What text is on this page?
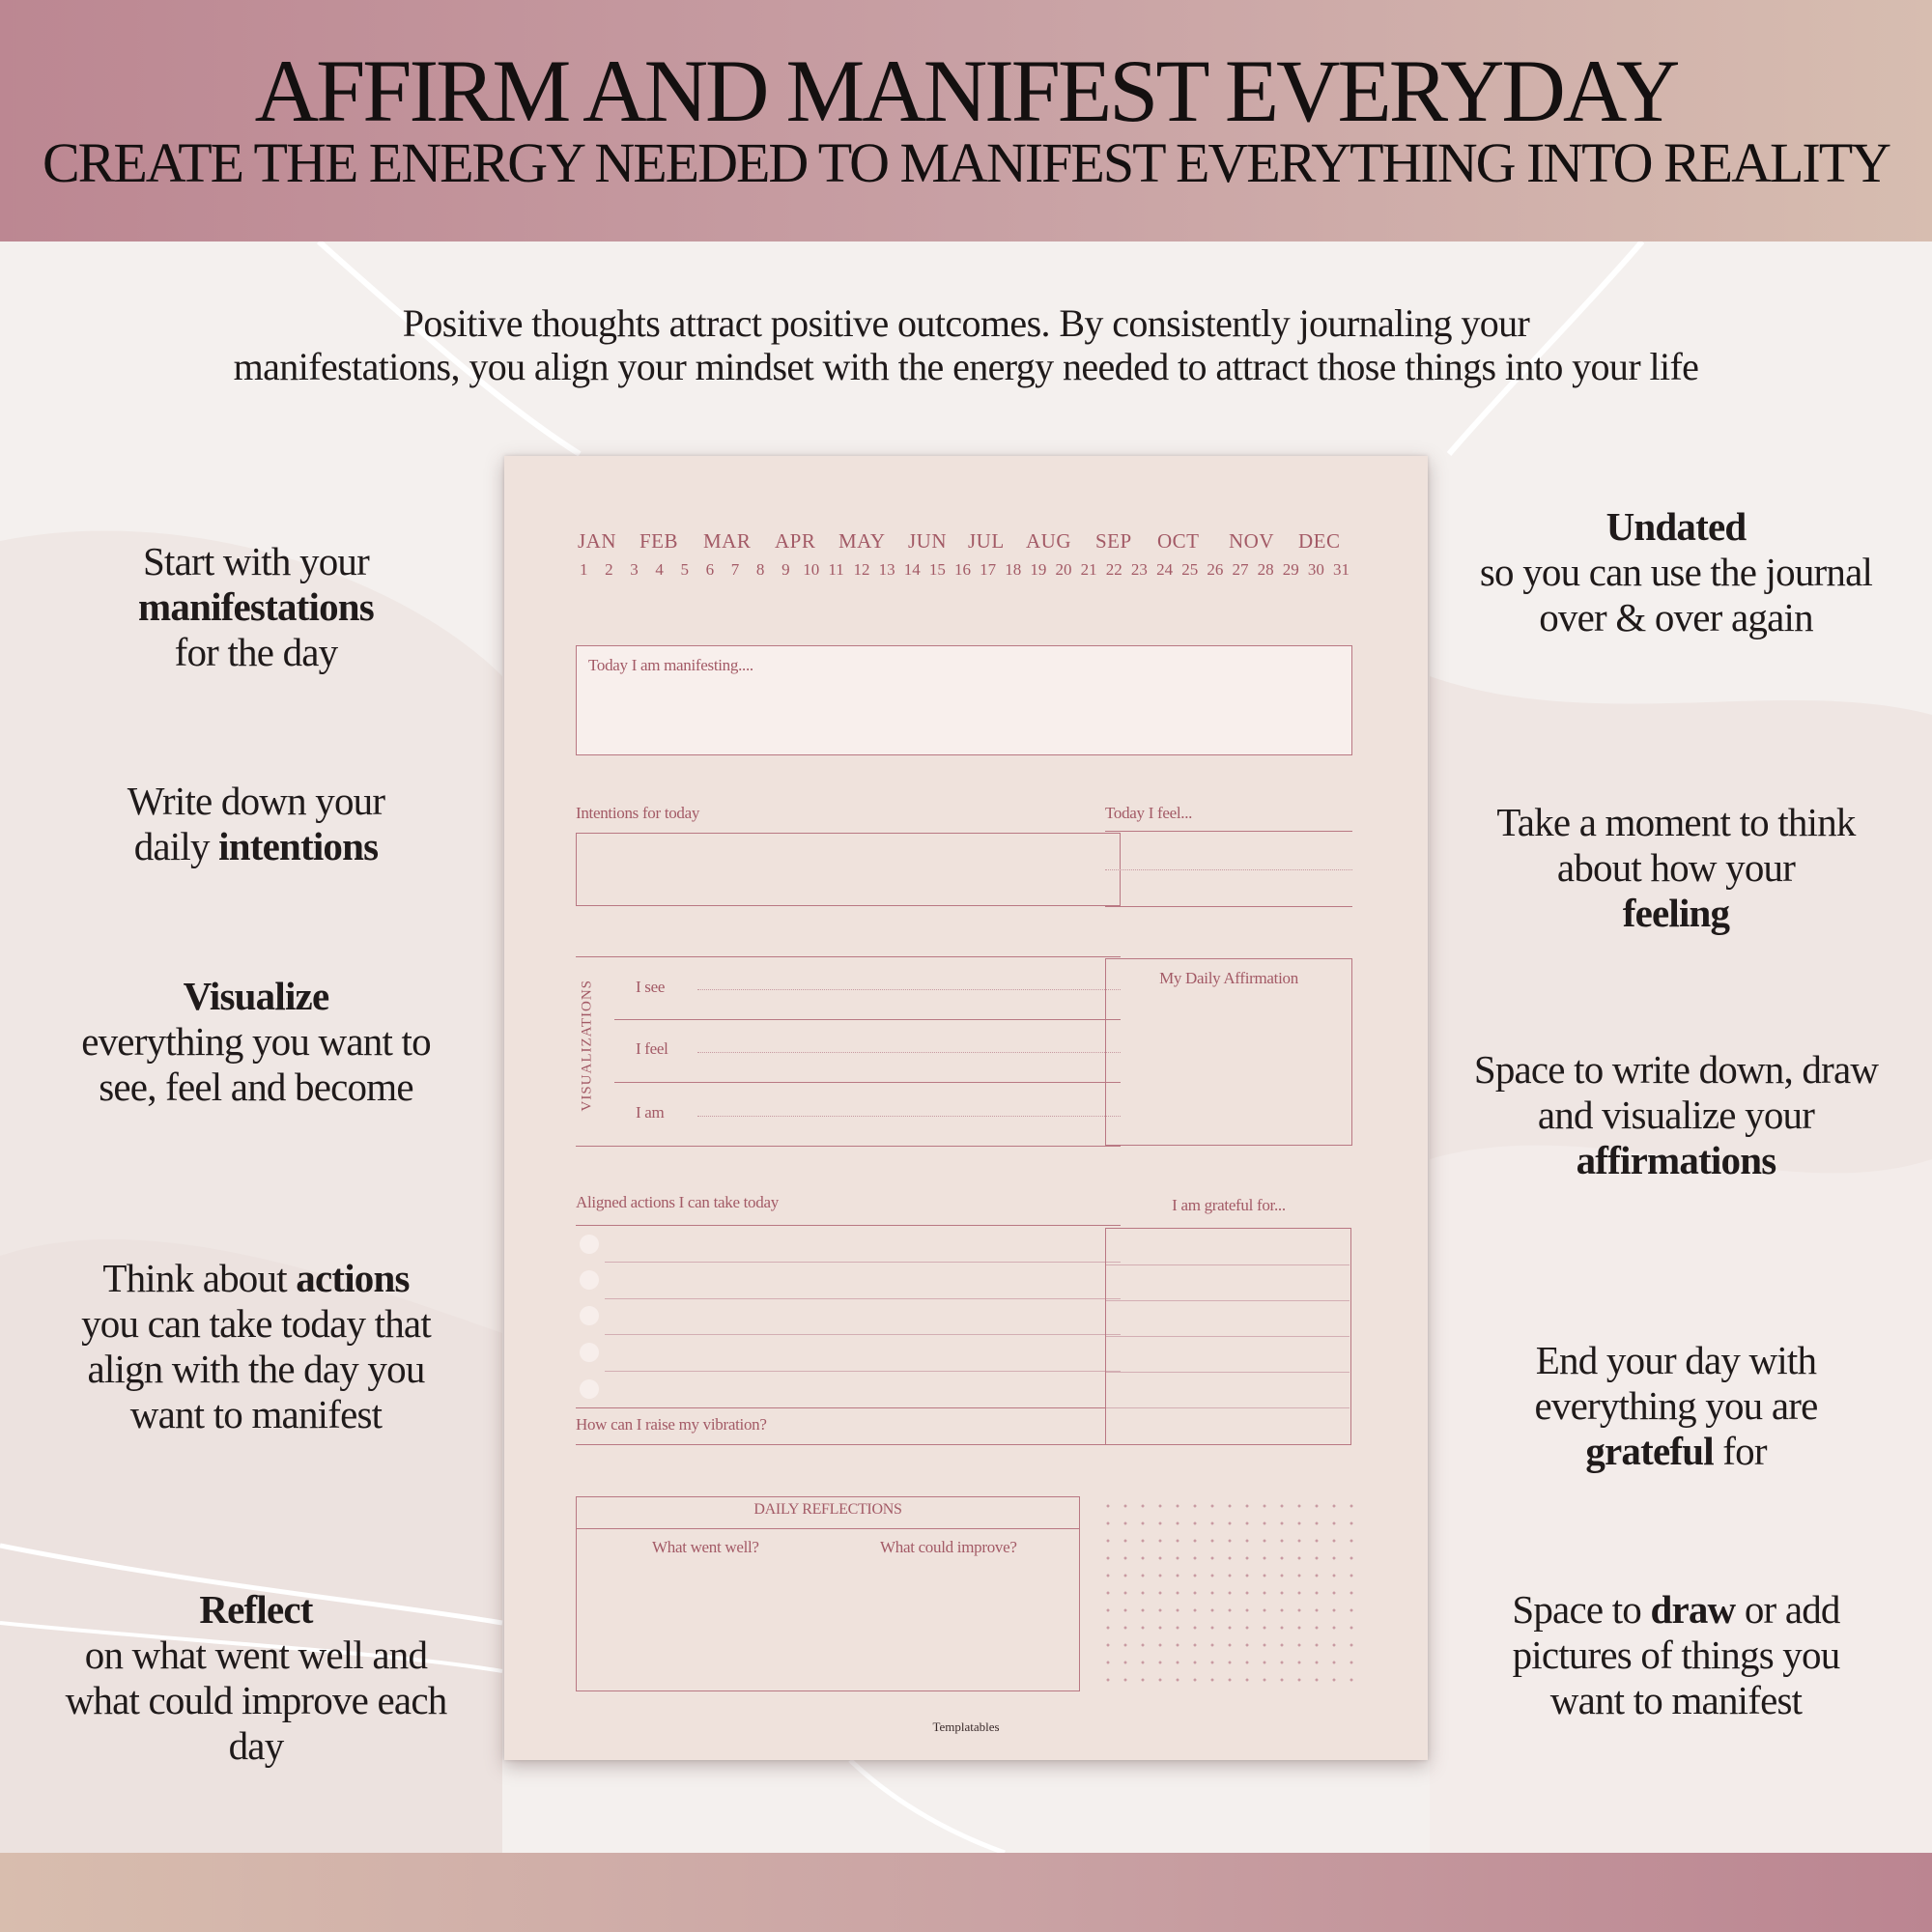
AFFIRM AND MANIFEST EVERYDAY
CREATE THE ENERGY NEEDED TO MANIFEST EVERYTHING INTO REALITY
Positive thoughts attract positive outcomes. By consistently journaling your
manifestations, you align your mindset with the energy needed to attract those things into your life
Start with your
manifestations
for the day
Write down your
daily intentions
Visualize
everything you want to see, feel and become
Think about actions
you can take today that align with the day you want to manifest
Reflect
on what went well and what could improve each day
Undated
so you can use the journal over & over again
Take a moment to think about how your
feeling
Space to write down, draw and visualize your
affirmations
End your day with everything you are
grateful for
Space to draw or add pictures of things you want to manifest
JAN FEB MAR APR MAY JUN JUL AUG SEP OCT NOV DEC
1 2 3 4 5 6 7 8 9 10 11 12 13 14 15 16 17 18 19 20 21 22 23 24 25 26 27 28 29 30 31
Today I am manifesting....
Intentions for today	Today I feel...
VISUALIZATIONS	I see
I feel
I am
My Daily Affirmation
Aligned actions I can take today
How can I raise my vibration?
I am grateful for...
DAILY REFLECTIONS
What went well?	What could improve?
Templatables
